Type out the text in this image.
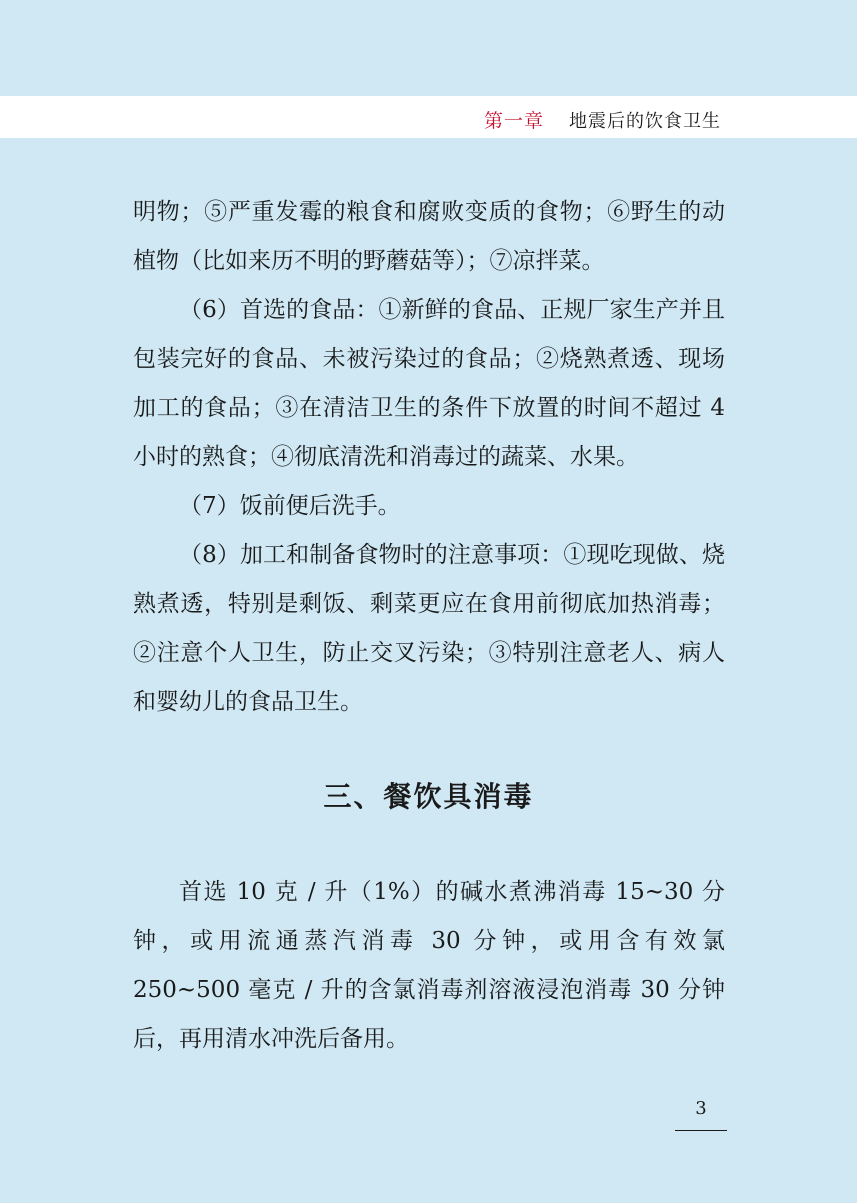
第一章 地震后的饮食卫生

明物；⑤严重发霉的粮食和腐败变质的食物；⑥野生的动植物（比如来历不明的野蘑菇等）；⑦凉拌菜。

（6）首选的食品：①新鲜的食品、正规厂家生产并且包装完好的食品、未被污染过的食品；②烧熟煮透、现场加工的食品；③在清洁卫生的条件下放置的时间不超过 4 小时的熟食；④彻底清洗和消毒过的蔬菜、水果。

（7）饭前便后洗手。

（8）加工和制备食物时的注意事项：①现吃现做、烧熟煮透，特别是剩饭、剩菜更应在食用前彻底加热消毒；②注意个人卫生，防止交叉污染；③特别注意老人、病人和婴幼儿的食品卫生。

三、餐饮具消毒

首选 10 克 / 升（1%）的碱水煮沸消毒 15~30 分钟，或用流通蒸汽消毒 30 分钟，或用含有效氯 250~500 毫克 / 升的含氯消毒剂溶液浸泡消毒 30 分钟后，再用清水冲洗后备用。

3
